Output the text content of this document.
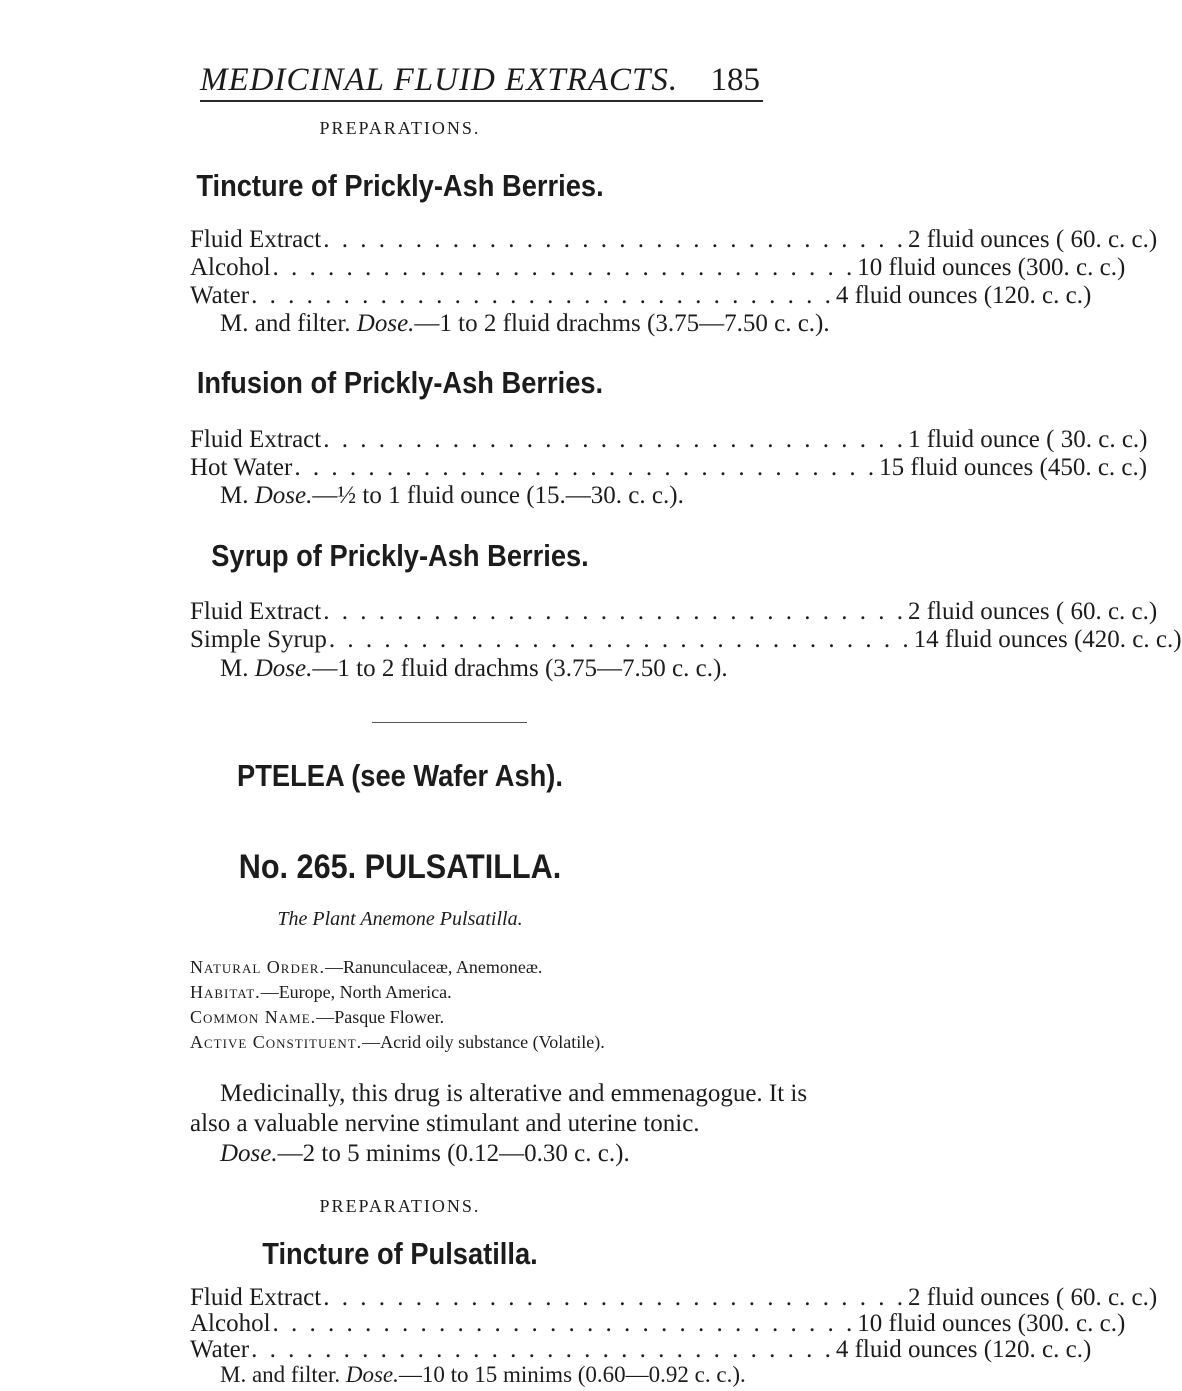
MEDICINAL FLUID EXTRACTS. 185
PREPARATIONS.
Tincture of Prickly-Ash Berries.
Fluid Extract . . . . . . . . . . . . . . . . . . . . . . . . . . . . . . . . 2 fluid ounces ( 60. c. c.)
Alcohol . . . . . . . . . . . . . . . . . . . . . . . . . . . . . . . . 10 fluid ounces (300. c. c.)
Water . . . . . . . . . . . . . . . . . . . . . . . . . . . . . . . . 4 fluid ounces (120. c. c.)
M. and filter. Dose.—1 to 2 fluid drachms (3.75—7.50 c. c.).
Infusion of Prickly-Ash Berries.
Fluid Extract . . . . . . . . . . . . . . . . . . . . . . . . . . . . . . . . 1 fluid ounce ( 30. c. c.)
Hot Water . . . . . . . . . . . . . . . . . . . . . . . . . . . . . . . . 15 fluid ounces (450. c. c.)
M. Dose.—½ to 1 fluid ounce (15.—30. c. c.).
Syrup of Prickly-Ash Berries.
Fluid Extract . . . . . . . . . . . . . . . . . . . . . . . . . . . . . . . . 2 fluid ounces ( 60. c. c.)
Simple Syrup . . . . . . . . . . . . . . . . . . . . . . . . . . . . . . . . 14 fluid ounces (420. c. c.)
M. Dose.—1 to 2 fluid drachms (3.75—7.50 c. c.).
PTELEA (see Wafer Ash).
No. 265. PULSATILLA.
The Plant Anemone Pulsatilla.
Natural Order.—Ranunculaceæ, Anemoneæ.
Habitat.—Europe, North America.
Common Name.—Pasque Flower.
Active Constituent.—Acrid oily substance (Volatile).
Medicinally, this drug is alterative and emmenagogue. It is
also a valuable nervine stimulant and uterine tonic.
Dose.—2 to 5 minims (0.12—0.30 c. c.).
PREPARATIONS.
Tincture of Pulsatilla.
Fluid Extract . . . . . . . . . . . . . . . . . . . . . . . . . . . . . . . . 2 fluid ounces ( 60. c. c.)
Alcohol . . . . . . . . . . . . . . . . . . . . . . . . . . . . . . . . 10 fluid ounces (300. c. c.)
Water . . . . . . . . . . . . . . . . . . . . . . . . . . . . . . . . 4 fluid ounces (120. c. c.)
M. and filter. Dose.—10 to 15 minims (0.60—0.92 c. c.).
